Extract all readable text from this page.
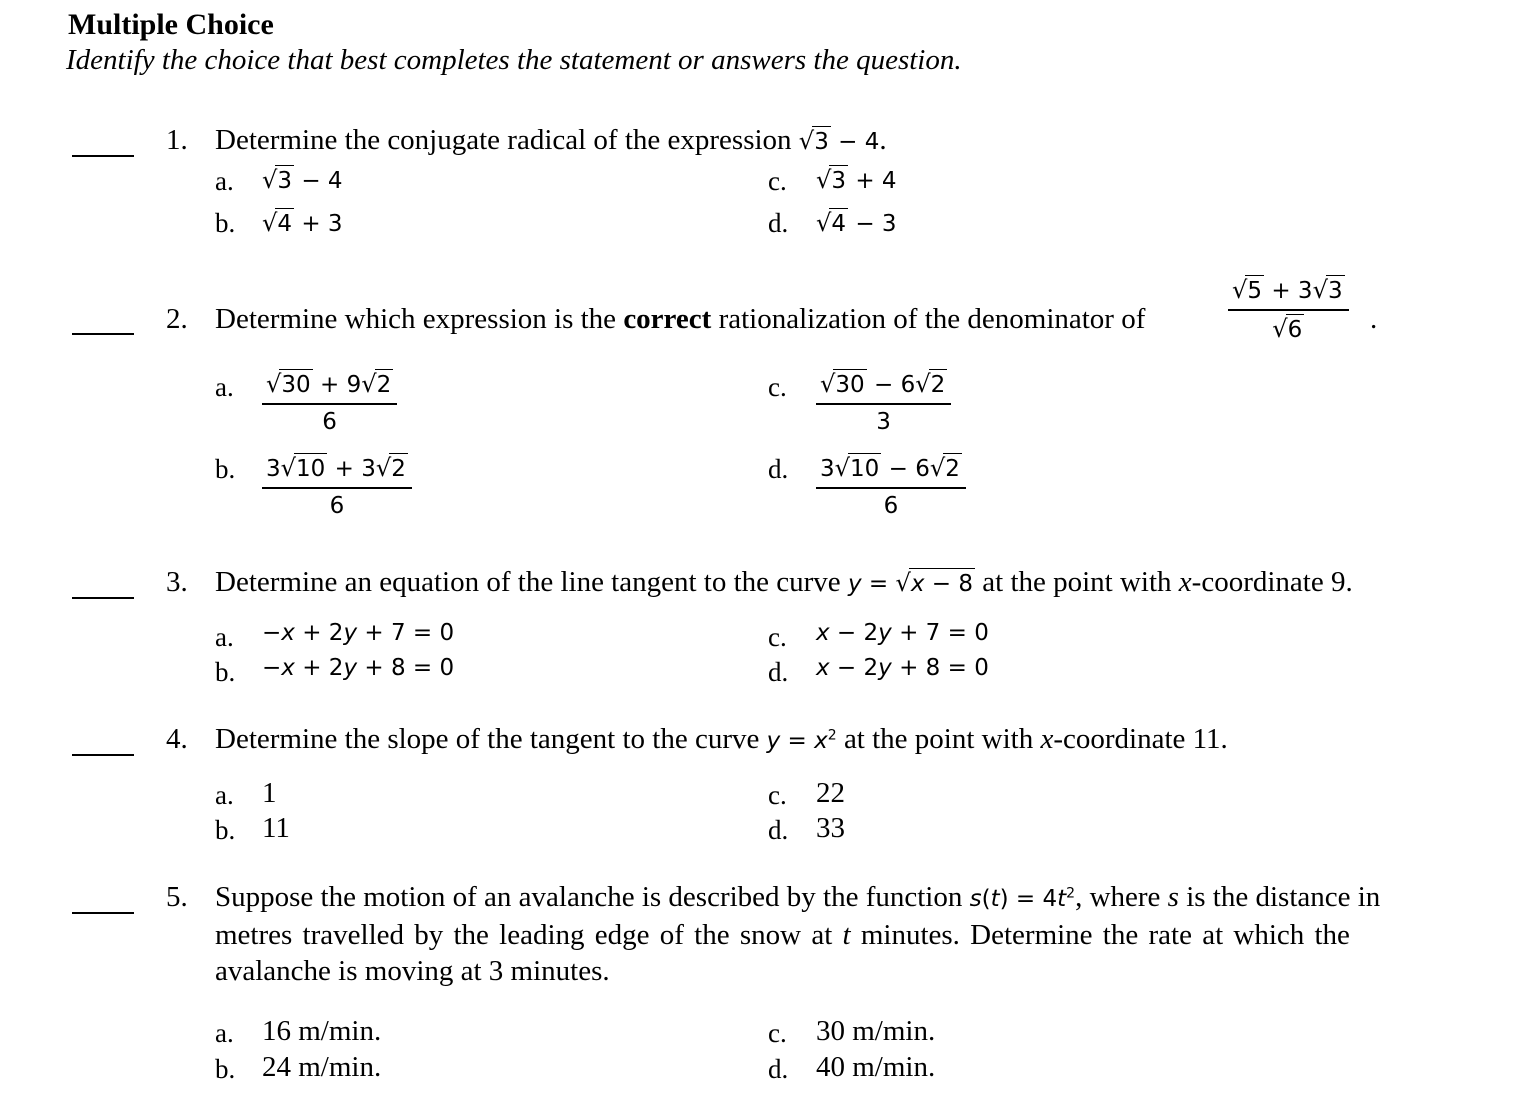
Multiple Choice
Identify the choice that best completes the statement or answers the question.
1. Determine the conjugate radical of the expression √3 − 4.
a. √3 − 4
b. √4 + 3
c. √3 + 4
d. √4 − 3
2. Determine which expression is the correct rationalization of the denominator of	$\frac{√5 + 3√3}{√6}$ .
a. $\frac{√30 + 9√2}{6}$
b. $\frac{3√10 + 3√2}{6}$
c. $\frac{√30 - 6√2}{3}$
d. $\frac{3√10 - 6√2}{6}$
3. Determine an equation of the line tangent to the curve y = √x − 8 at the point with x-coordinate 9.
a. −x + 2y + 7 = 0
b. −x + 2y + 8 = 0
c. x − 2y + 7 = 0
d. x − 2y + 8 = 0
4. Determine the slope of the tangent to the curve $y = x^2$ at the point with x-coordinate 11.
a. 1
b. 11
c. 22
d. 33
5. Suppose the motion of an avalanche is described by the function $s(t) = 4t^2$, where s is the distance in
metres travelled by the leading edge of the snow at t minutes. Determine the rate at which the
avalanche is moving at 3 minutes.
a. 16 m/min.
b. 24 m/min.
c. 30 m/min.
d. 40 m/min.
